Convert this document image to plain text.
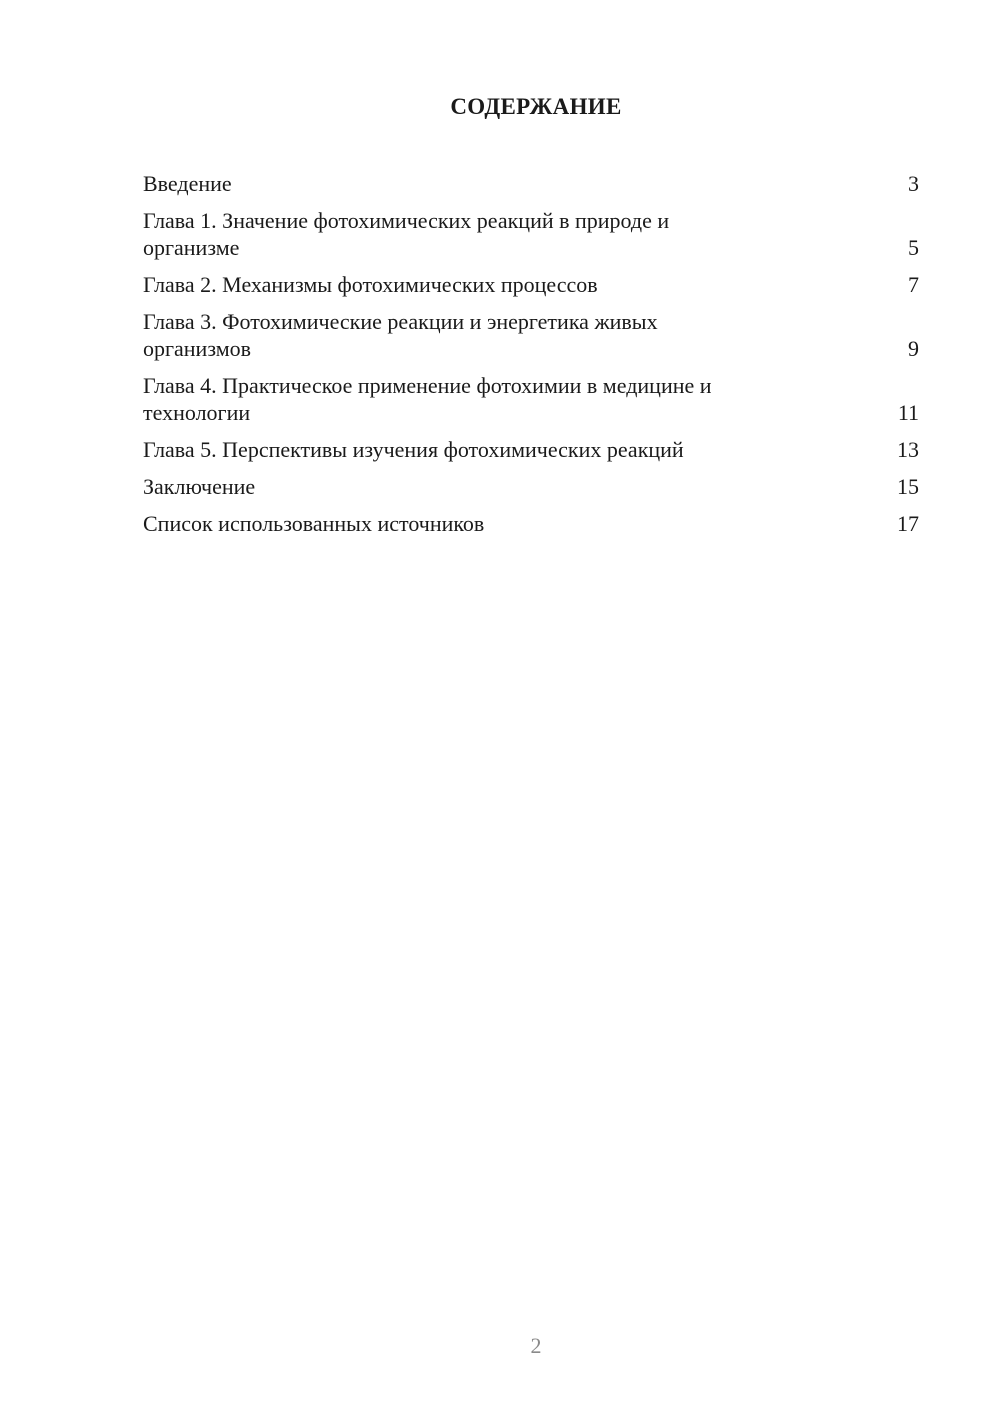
СОДЕРЖАНИЕ
Введение	3
Глава 1. Значение фотохимических реакций в природе и
организме	5
Глава 2. Механизмы фотохимических процессов	7
Глава 3. Фотохимические реакции и энергетика живых
организмов	9
Глава 4. Практическое применение фотохимии в медицине и
технологии	11
Глава 5. Перспективы изучения фотохимических реакций	13
Заключение	15
Список использованных источников	17
2
